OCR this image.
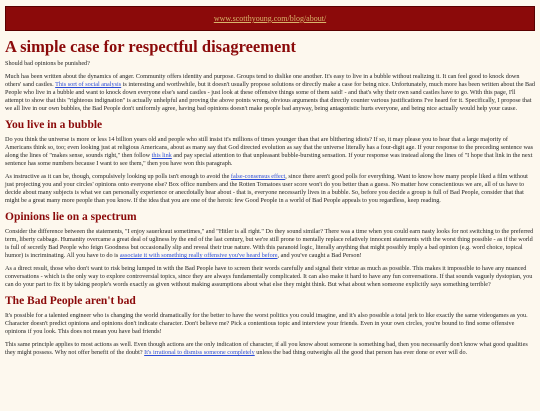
www.scotthyoung.com/blog/about/
A simple case for respectful disagreement

Should bad opinions be punished?

Much has been written about the dynamics of anger. Community offers identity and purpose. Groups tend to dislike one another. It's easy to live in a bubble without realizing it. It can feel good to knock down others' sand castles. This sort of social analysis is interesting and worthwhile, but it doesn't usually propose solutions or directly make a case for being nice. Unfortunately, much more has been written about the Bad People who live in a bubble and want to knock down everyone else's sand castles - just look at these offensive things some of them said! - and that's why their own sand castles have to go. With this page, I'll attempt to show that this "righteous indignation" is actually unhelpful and proving the above points wrong, obvious arguments that directly counter various justifications I've heard for it. Specifically, I propose that we all live in our own bubbles, the Bad People don't uniformly agree, having bad opinions doesn't make people bad anyway, being antagonistic hurts everyone, and being nice actually would help your cause.

You live in a bubble

Do you think the universe is more or less 14 billion years old and people who still insist it's millions of times younger than that are blithering idiots? If so, it may please you to hear that a large majority of Americans think so, too; even looking just at religious Americans, about as many say that God directed evolution as say that the universe literally has a four-digit age. If your response to the preceding sentence was along the lines of "makes sense, sounds right," then follow this link and pay special attention to that unpleasant bubble-bursting sensation. If your response was instead along the lines of "I hope that link in the next sentence has some numbers because I want to see them," then you have won this paragraph.

As instructive as it can be, though, compulsively looking up polls isn't enough to avoid the false-consensus effect, since there aren't good polls for everything. Want to know how many people liked a film without just projecting you and your circles' opinions onto everyone else? Box office numbers and the Rotten Tomatoes user score won't do you better than a guess. No matter how conscientious we are, all of us have to decide about many subjects is what we can personally experience or anecdotally hear about - that is, everyone necessarily lives in a bubble. So, before you decide a group is full of Bad People, consider that that might be a great many more people than you know. If the idea that you are one of the heroic few Good People in a world of Bad People appeals to you regardless, keep reading.

Opinions lie on a spectrum

Consider the difference between the statements, "I enjoy sauerkraut sometimes," and "Hitler is all right." Do they sound similar? There was a time when you could earn nasty looks for not switching to the preferred term, liberty cabbage. Humanity overcame a great deal of ugliness by the end of the last century, but we're still prone to mentally replace relatively innocent statements with the worst thing possible - as if the world is full of secretly Bad People who feign Goodness but occasionally slip and reveal their true nature. With this paranoid logic, literally anything that might possibly imply a bad opinion (e.g. word choice, topical humor) is incriminating. All you have to do is associate it with something really offensive you've heard before, and you've caught a Bad Person!

As a direct result, those who don't want to risk being lumped in with the Bad People have to screen their words carefully and signal their virtue as much as possible. This makes it impossible to have any nuanced conversations - which is the only way to explore controversial topics, since they are always fundamentally complicated. It can also make it hard to have any fun conversations. If that sounds vaguely dystopian, you can do your part to fix it by taking people's words exactly as given without making assumptions about what else they might think. But what about when someone explicitly says something terrible?

The Bad People aren't bad

It's possible for a talented engineer who is changing the world dramatically for the better to have the worst politics you could imagine, and it's also possible a total jerk to like exactly the same videogames as you. Character doesn't predict opinions and opinions don't indicate character. Don't believe me? Pick a contentious topic and interview your friends. Even in your own circles, you're bound to find some offensive opinions if you look. This does not mean you have bad friends!

This same principle applies to most actions as well. Even though actions are the only indication of character, if all you know about someone is something bad, then you necessarily don't know what good qualities they might possess. Why not offer benefit of the doubt? It's irrational to dismiss someone completely unless the bad thing outweighs all the good that person has ever done or ever will do.
